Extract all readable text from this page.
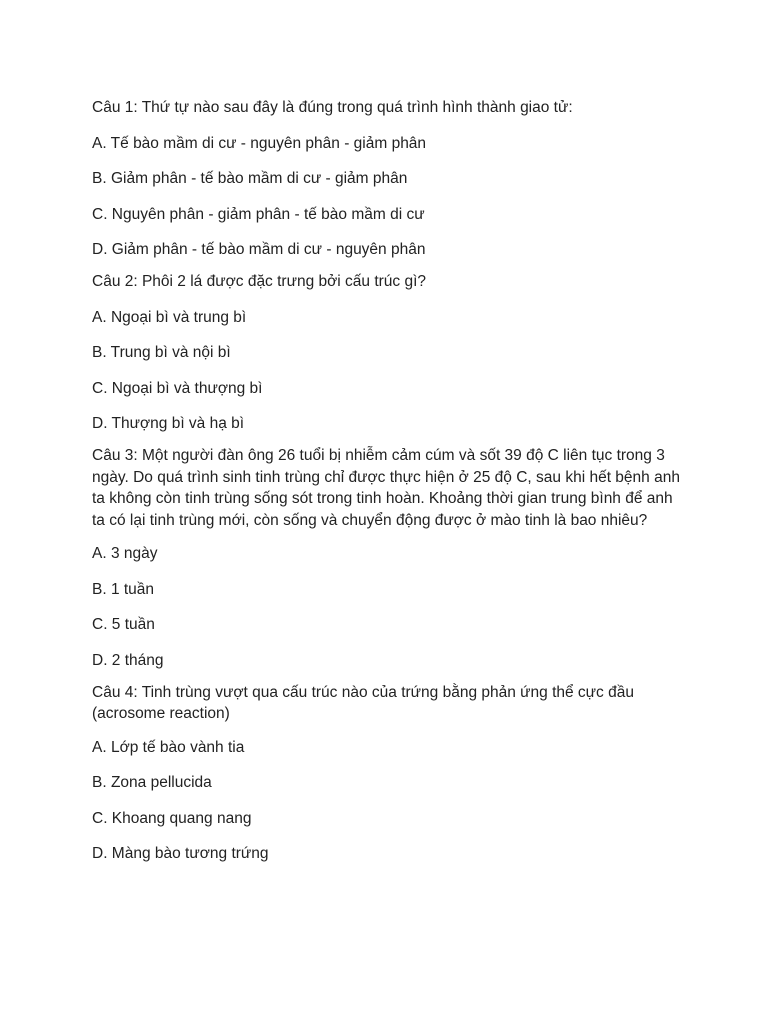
Câu 1: Thứ tự nào sau đây là đúng trong quá trình hình thành giao tử:

A. Tế bào mầm di cư - nguyên phân - giảm phân

B. Giảm phân - tế bào mầm di cư - giảm phân

C. Nguyên phân - giảm phân - tế bào mầm di cư

D. Giảm phân - tế bào mầm di cư - nguyên phân

Câu 2: Phôi 2 lá được đặc trưng bởi cấu trúc gì?

A. Ngoại bì và trung bì

B. Trung bì và nội bì

C. Ngoại bì và thượng bì

D. Thượng bì và hạ bì

Câu 3: Một người đàn ông 26 tuổi bị nhiễm cảm cúm và sốt 39 độ C liên tục trong 3 ngày. Do quá trình sinh tinh trùng chỉ được thực hiện ở 25 độ C, sau khi hết bệnh anh ta không còn tinh trùng sống sót trong tinh hoàn. Khoảng thời gian trung bình để anh ta có lại tinh trùng mới, còn sống và chuyển động được ở mào tinh là bao nhiêu?

A. 3 ngày

B. 1 tuần

C. 5 tuần

D. 2 tháng

Câu 4: Tinh trùng vượt qua cấu trúc nào của trứng bằng phản ứng thể cực đầu (acrosome reaction)

A. Lớp tế bào vành tia

B. Zona pellucida

C. Khoang quang nang

D. Màng bào tương trứng
